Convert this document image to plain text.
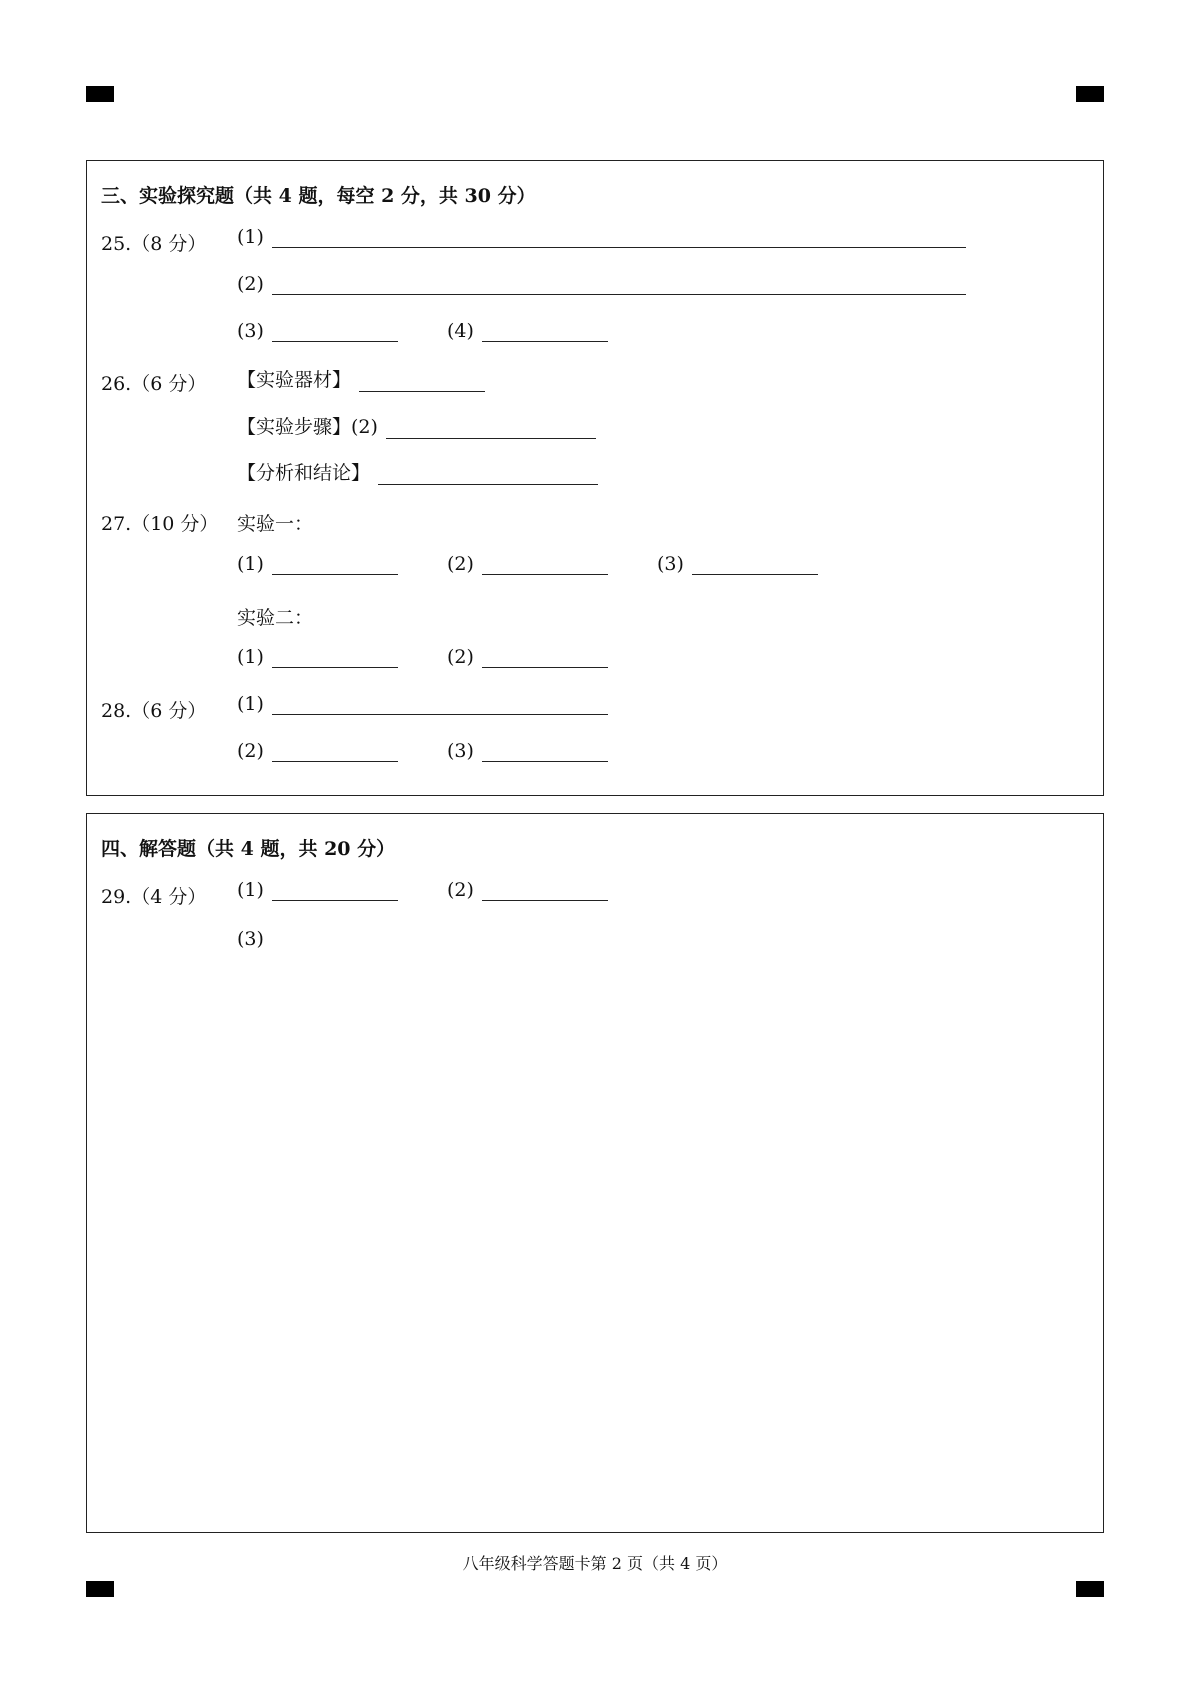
三、实验探究题（共 4 题，每空 2 分，共 30 分）
25.（8 分） (1)
(2)
(3)	(4)
26.（6 分） 【实验器材】
【实验步骤】(2)
【分析和结论】
27.（10 分） 实验一：
(1)	(2)	(3)
实验二：
(1)	(2)
28.（6 分） (1)
(2)	(3)
四、解答题（共 4 题，共 20 分）
29.（4 分） (1)	(2)
(3)
八年级科学答题卡第 2 页（共 4 页）
